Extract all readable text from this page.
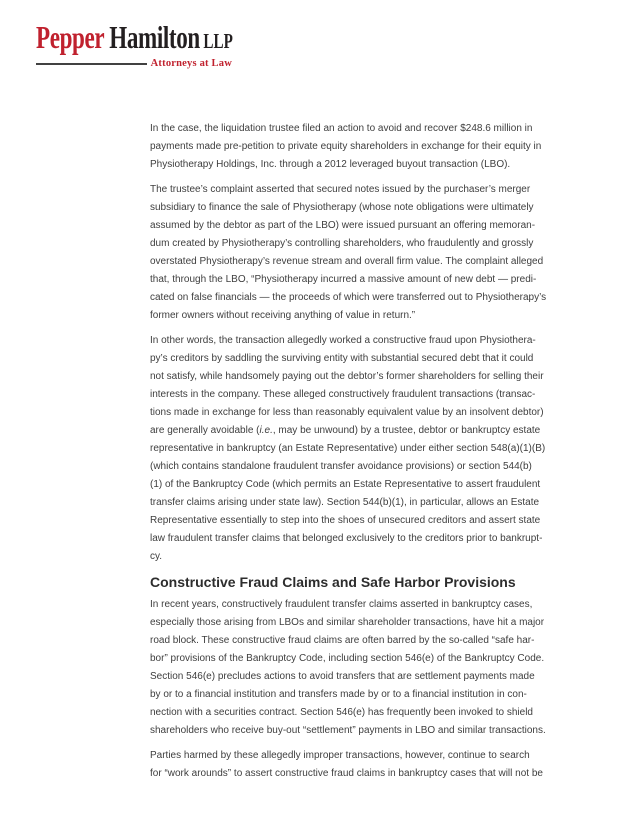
Pepper Hamilton LLP
Attorneys at Law
In the case, the liquidation trustee filed an action to avoid and recover $248.6 million in
payments made pre-petition to private equity shareholders in exchange for their equity in
Physiotherapy Holdings, Inc. through a 2012 leveraged buyout transaction (LBO).
The trustee’s complaint asserted that secured notes issued by the purchaser’s merger
subsidiary to finance the sale of Physiotherapy (whose note obligations were ultimately
assumed by the debtor as part of the LBO) were issued pursuant an offering memoran-
dum created by Physiotherapy’s controlling shareholders, who fraudulently and grossly
overstated Physiotherapy’s revenue stream and overall firm value. The complaint alleged
that, through the LBO, “Physiotherapy incurred a massive amount of new debt — predi-
cated on false financials — the proceeds of which were transferred out to Physiotherapy’s
former owners without receiving anything of value in return.”
In other words, the transaction allegedly worked a constructive fraud upon Physiothera-
py’s creditors by saddling the surviving entity with substantial secured debt that it could
not satisfy, while handsomely paying out the debtor’s former shareholders for selling their
interests in the company. These alleged constructively fraudulent transactions (transac-
tions made in exchange for less than reasonably equivalent value by an insolvent debtor)
are generally avoidable (i.e., may be unwound) by a trustee, debtor or bankruptcy estate
representative in bankruptcy (an Estate Representative) under either section 548(a)(1)(B)
(which contains standalone fraudulent transfer avoidance provisions) or section 544(b)
(1) of the Bankruptcy Code (which permits an Estate Representative to assert fraudulent
transfer claims arising under state law). Section 544(b)(1), in particular, allows an Estate
Representative essentially to step into the shoes of unsecured creditors and assert state
law fraudulent transfer claims that belonged exclusively to the creditors prior to bankrupt-
cy.
Constructive Fraud Claims and Safe Harbor Provisions
In recent years, constructively fraudulent transfer claims asserted in bankruptcy cases,
especially those arising from LBOs and similar shareholder transactions, have hit a major
road block. These constructive fraud claims are often barred by the so-called “safe har-
bor” provisions of the Bankruptcy Code, including section 546(e) of the Bankruptcy Code.
Section 546(e) precludes actions to avoid transfers that are settlement payments made
by or to a financial institution and transfers made by or to a financial institution in con-
nection with a securities contract. Section 546(e) has frequently been invoked to shield
shareholders who receive buy-out “settlement” payments in LBO and similar transactions.
Parties harmed by these allegedly improper transactions, however, continue to search
for “work arounds” to assert constructive fraud claims in bankruptcy cases that will not be
